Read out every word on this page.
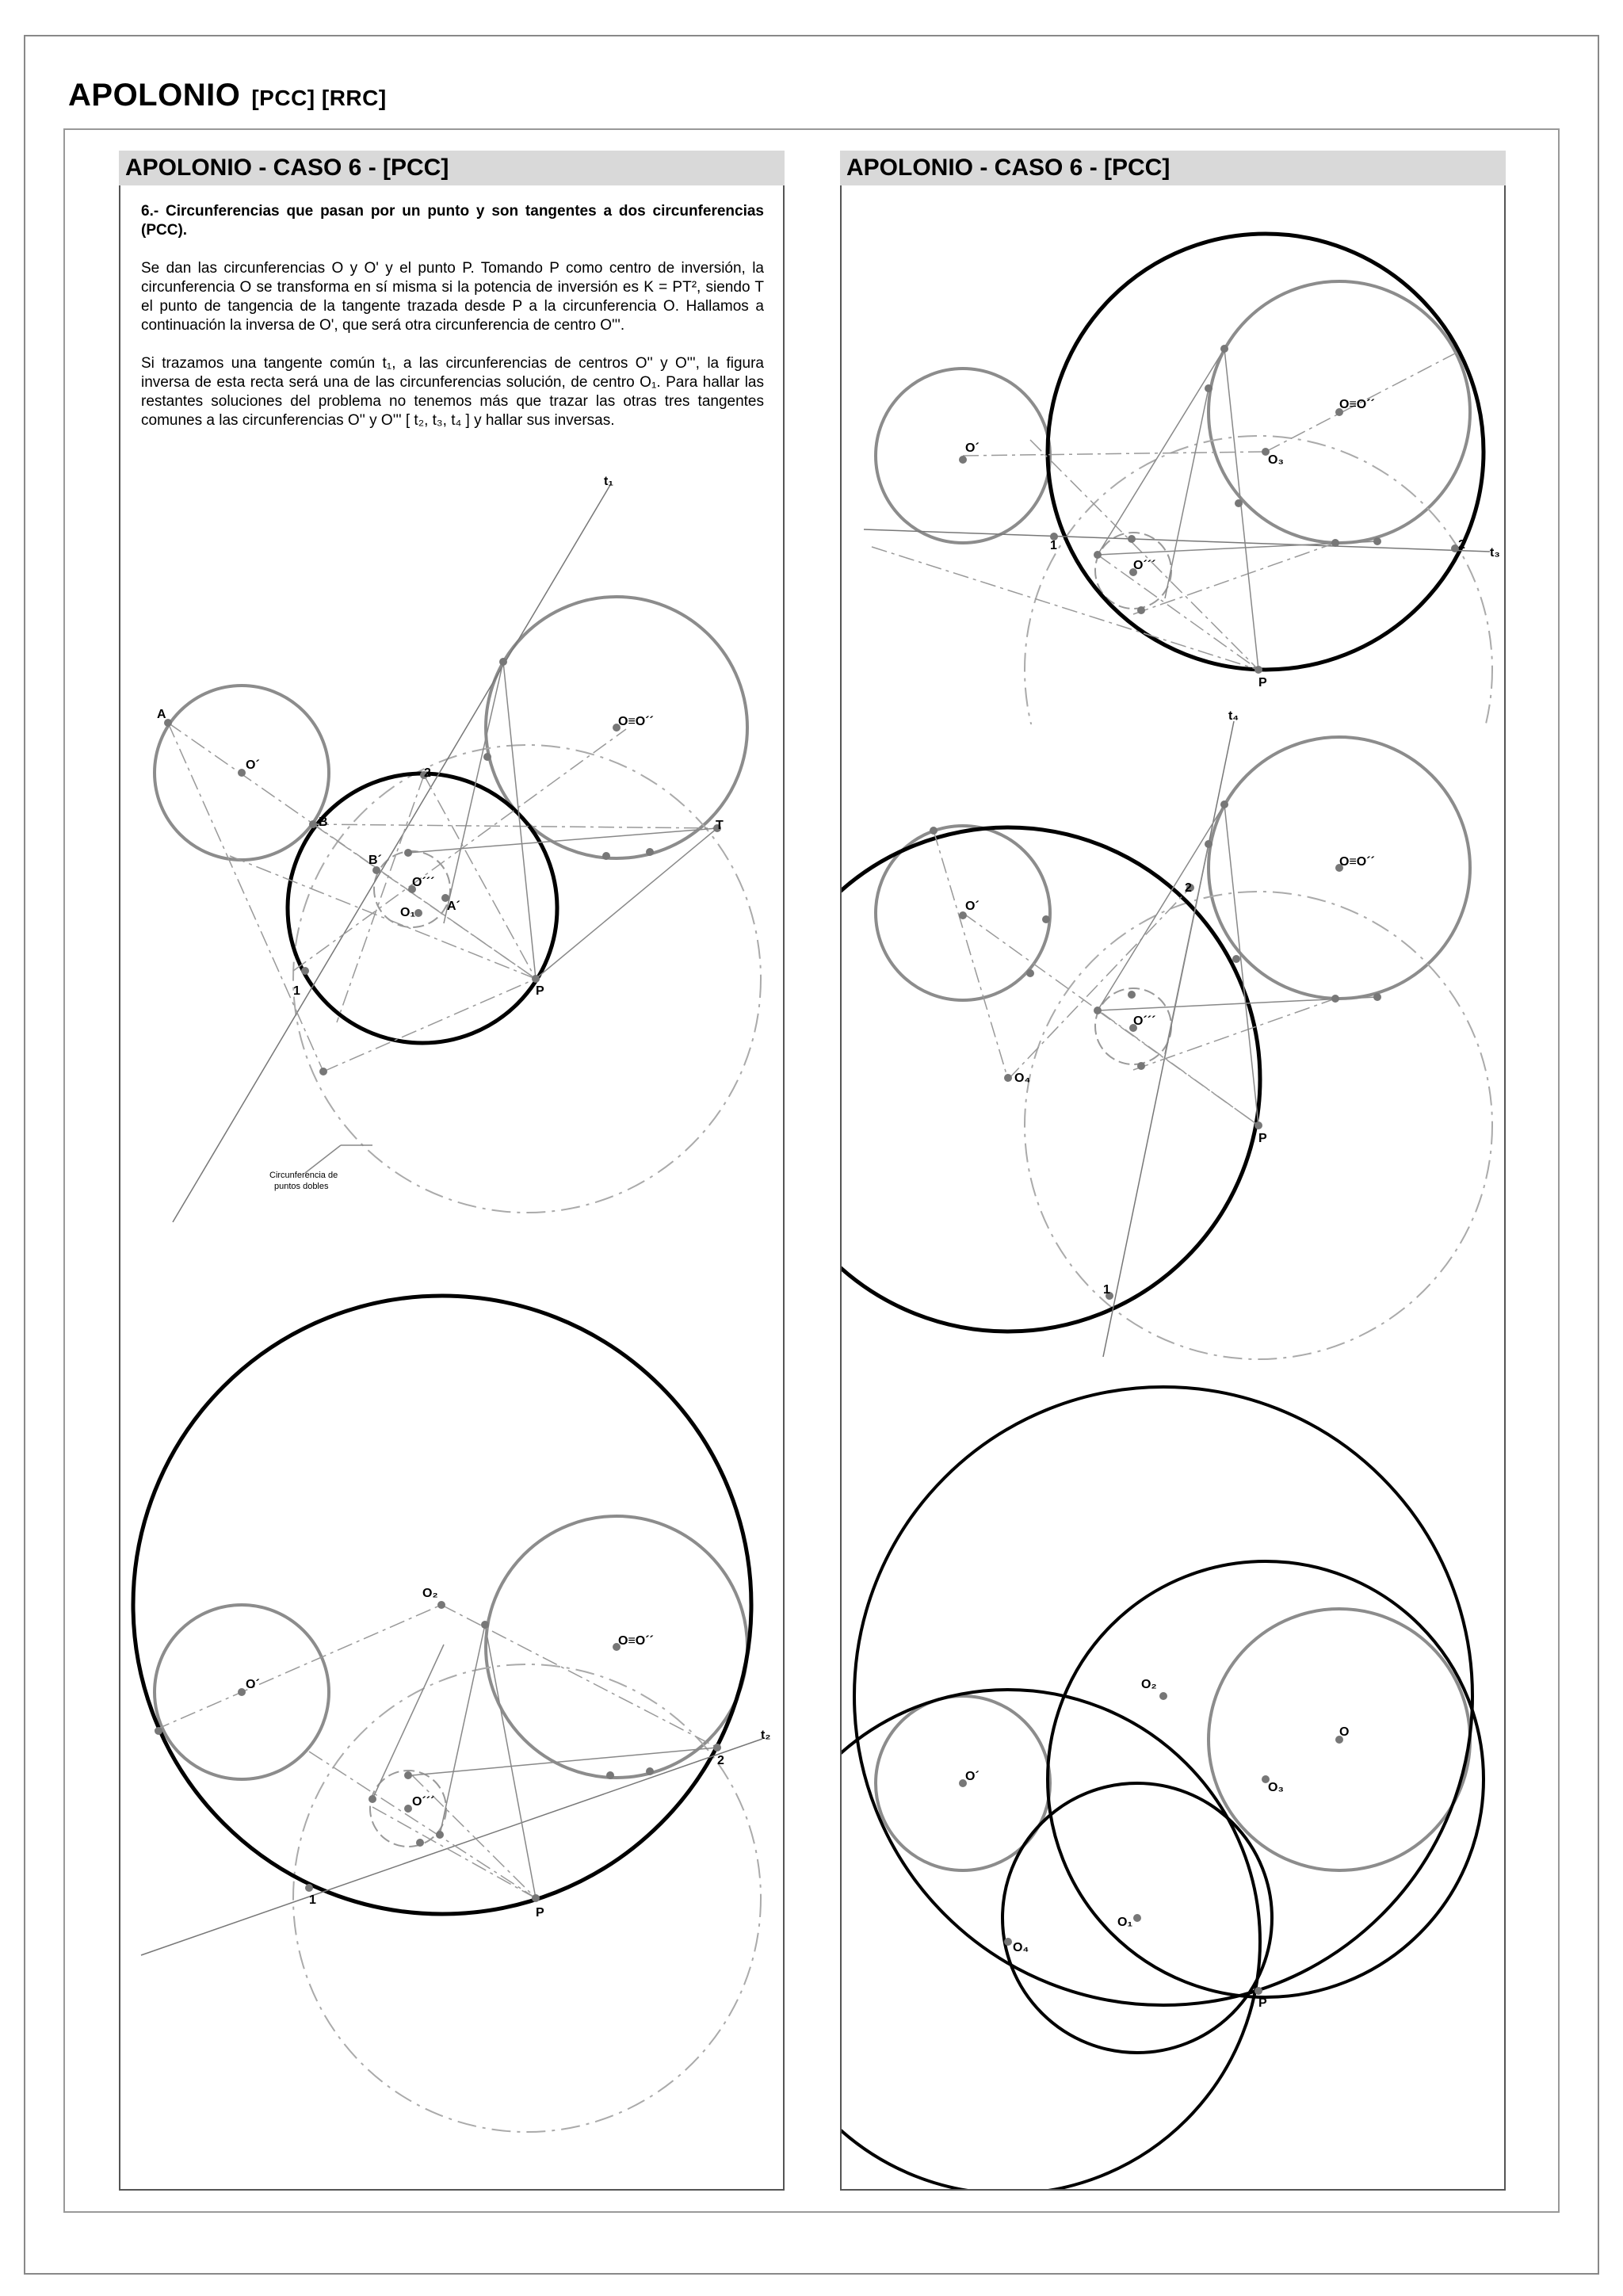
APOLONIO [PCC] [RRC]
APOLONIO - CASO 6 - [PCC]	APOLONIO - CASO 6 - [PCC]

6.- Circunferencias que pasan por un punto y son tangentes a dos circunferencias (PCC).

Se dan las circunferencias O y O' y el punto P. Tomando P como centro de inversión, la circunferencia O se transforma en sí misma si la potencia de inversión es K = PT², siendo T el punto de tangencia de la tangente trazada desde P a la circunferencia O. Hallamos a continuación la inversa de O', que será otra circunferencia de centro O'''.

Si trazamos una tangente común t₁, a las circunferencias de centros O'' y O''', la figura inversa de esta recta será una de las circunferencias solución, de centro O₁. Para hallar las restantes soluciones del problema no tenemos más que trazar las otras tres tangentes comunes a las circunferencias O'' y O''' [ t₂, t₃, t₄ ] y hallar sus inversas.

t₁
A
O´
B
B´
2
O≡O´´
T
O´´´
O₁ A´
1	P
Circunferencia de
puntos dobles
O₂
O≡O´´
O´
t₂
2
O´´´
1
P
O´
O≡O´´
O₃
1	2
t₃
O´´´
P
t₄
O≡O´´
O´
2
O´´´
O₄
P
1
O₂
O
O₃
O´
O₁
O₄
P
